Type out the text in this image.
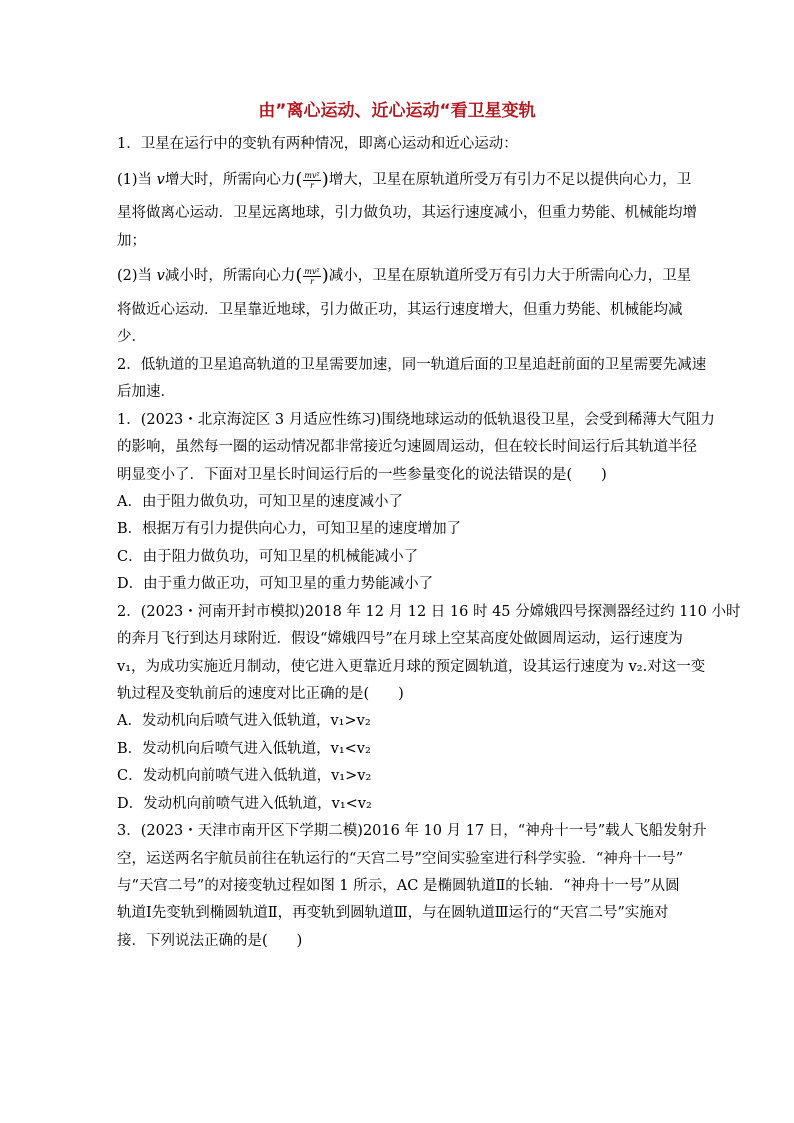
由”离心运动、近心运动“看卫星变轨
1．卫星在运行中的变轨有两种情况，即离心运动和近心运动：
(1)当 v增大时，所需向心力( $\frac{\text{mv²}}{r}$ )增大，卫星在原轨道所受万有引力不足以提供向心力，卫
星将做离心运动．卫星远离地球，引力做负功，其运行速度减小，但重力势能、机械能均增
加；
(2)当 v减小时，所需向心力( $\frac{\text{mv²}}{r}$ )减小，卫星在原轨道所受万有引力大于所需向心力，卫星
将做近心运动．卫星靠近地球，引力做正功，其运行速度增大，但重力势能、机械能均减
少．
2．低轨道的卫星追高轨道的卫星需要加速，同一轨道后面的卫星追赶前面的卫星需要先减速
后加速．
1．(2023・北京海淀区 3 月适应性练习)围绕地球运动的低轨退役卫星，会受到稀薄大气阻力
的影响，虽然每一圈的运动情况都非常接近匀速圆周运动，但在较长时间运行后其轨道半径
明显变小了．下面对卫星长时间运行后的一些参量变化的说法错误的是(　　)
A．由于阻力做负功，可知卫星的速度减小了
B．根据万有引力提供向心力，可知卫星的速度增加了
C．由于阻力做负功，可知卫星的机械能减小了
D．由于重力做正功，可知卫星的重力势能减小了
2．(2023・河南开封市模拟)2018 年 12 月 12 日 16 时 45 分嫦娥四号探测器经过约 110 小时
的奔月飞行到达月球附近．假设“嫦娥四号”在月球上空某高度处做圆周运动，运行速度为
v₁，为成功实施近月制动，使它进入更靠近月球的预定圆轨道，设其运行速度为 v₂.对这一变
轨过程及变轨前后的速度对比正确的是(　　)
A．发动机向后喷气进入低轨道，v₁>v₂
B．发动机向后喷气进入低轨道，v₁<v₂
C．发动机向前喷气进入低轨道，v₁>v₂
D．发动机向前喷气进入低轨道，v₁<v₂
3．(2023・天津市南开区下学期二模)2016 年 10 月 17 日，“神舟十一号”载人飞船发射升
空，运送两名宇航员前往在轨运行的“天宫二号”空间实验室进行科学实验．“神舟十一号”
与“天宫二号”的对接变轨过程如图 1 所示，AC 是椭圆轨道Ⅱ的长轴．“神舟十一号”从圆
轨道Ⅰ先变轨到椭圆轨道Ⅱ，再变轨到圆轨道Ⅲ，与在圆轨道Ⅲ运行的“天宫二号”实施对
接．下列说法正确的是(　　)
